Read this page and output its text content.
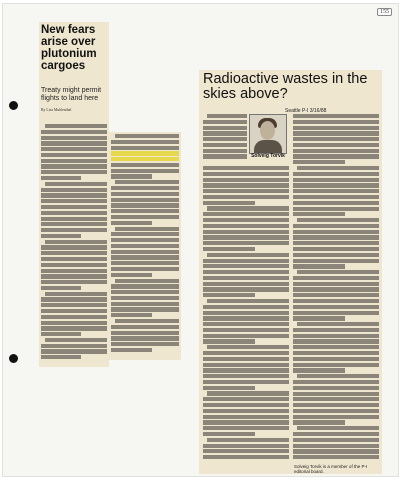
155
New fears arise over plutonium cargoes
Treaty might permit flights to land here
By Lisa Muhlenthal
Radioactive wastes in the skies above?
Seattle P-I 3/16/88
Solveig Torvik
Solveig Torvik is a member of the P-I editorial board.
